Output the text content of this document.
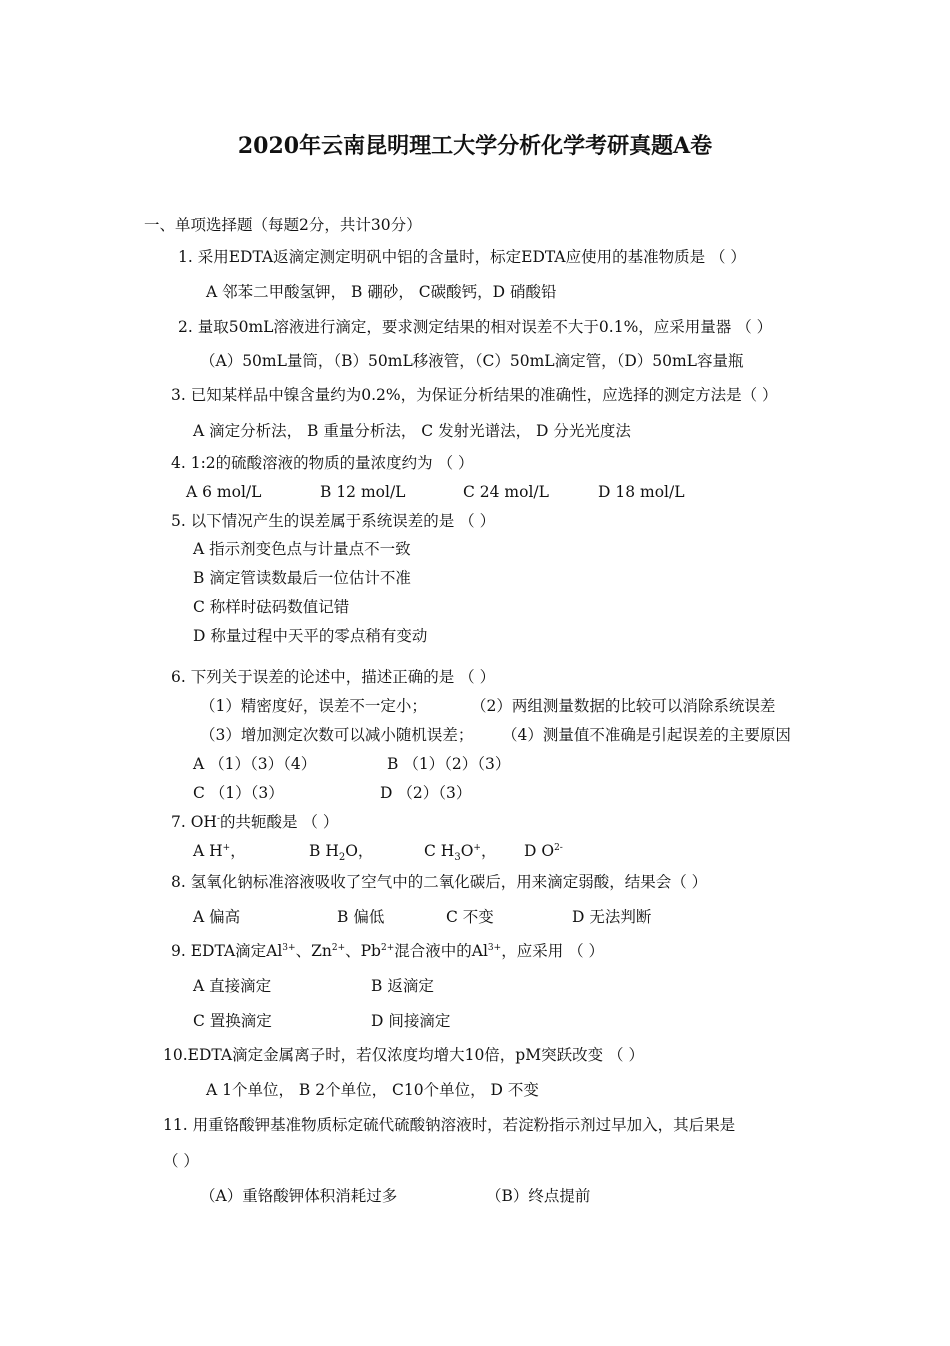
2020年云南昆明理工大学分析化学考研真题A卷
一、单项选择题（每题2分，共计30分）
1. 采用EDTA返滴定测定明矾中铝的含量时，标定EDTA应使用的基准物质是 （ ）
A 邻苯二甲酸氢钾， B 硼砂， C碳酸钙，D 硝酸铅
2. 量取50mL溶液进行滴定，要求测定结果的相对误差不大于0.1%，应采用量器 （ ）
（A）50mL量筒，（B）50mL移液管，（C）50mL滴定管，（D）50mL容量瓶
3. 已知某样品中镍含量约为0.2%，为保证分析结果的准确性，应选择的测定方法是（ ）
A 滴定分析法， B 重量分析法， C 发射光谱法， D 分光光度法
4. 1:2的硫酸溶液的物质的量浓度约为 （ ）
A 6 mol/L	B 12 mol/L	C 24 mol/L	D 18 mol/L
5. 以下情况产生的误差属于系统误差的是 （ ）
A 指示剂变色点与计量点不一致
B 滴定管读数最后一位估计不准
C 称样时砝码数值记错
D 称量过程中天平的零点稍有变动
6. 下列关于误差的论述中，描述正确的是 （ ）
（1）精密度好，误差不一定小；	（2）两组测量数据的比较可以消除系统误差
（3）增加测定次数可以减小随机误差； （4）测量值不准确是引起误差的主要原因
A （1）（3）（4）	B （1）（2）（3）
C （1）（3）	D （2）（3）
7. OH-的共轭酸是 （ ）
A H+，	B $H_2O$，	C $H_3O^+$， D $O^{2-}$
8. 氢氧化钠标准溶液吸收了空气中的二氧化碳后，用来滴定弱酸，结果会（ ）
A 偏高	B 偏低	C 不变	D 无法判断
9. EDTA滴定$Al^{3+}$、$Zn^{2+}$、$Pb^{2+}$混合液中的$Al^{3+}$，应采用 （ ）
A 直接滴定	B 返滴定
C 置换滴定	D 间接滴定
10.EDTA滴定金属离子时，若仅浓度均增大10倍，pM突跃改变 （ ）
A 1个单位， B 2个单位， C10个单位， D 不变
11. 用重铬酸钾基准物质标定硫代硫酸钠溶液时，若淀粉指示剂过早加入，其后果是
（ ）
（A）重铬酸钾体积消耗过多	（B）终点提前
